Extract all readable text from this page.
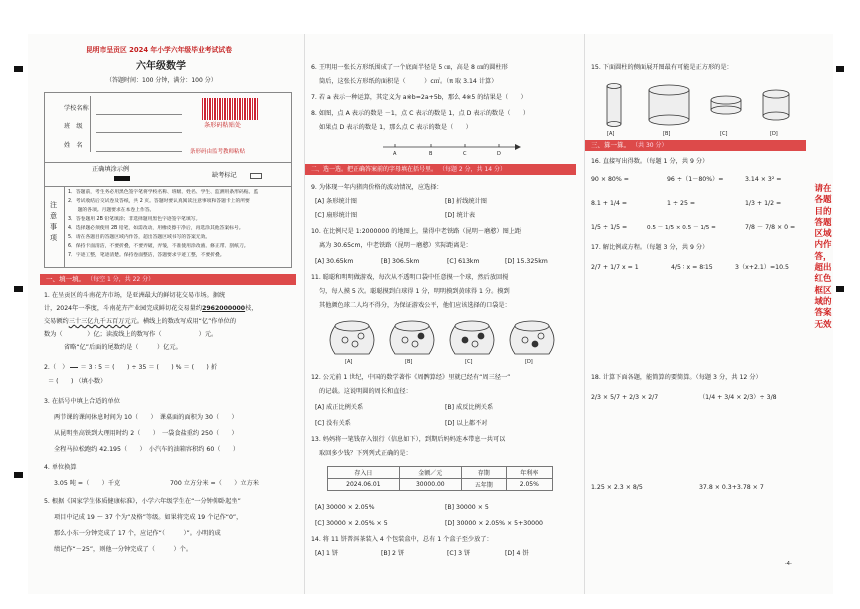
昆明市呈贡区 2024 年小学六年级毕业考试试卷
六年级数学
（答题时间：100 分钟，满分：100 分）
学校名称
班　级
姓　名
条形码粘贴处
条形码由监考教师粘贴
正确填涂示例
缺考标记
注意事项
1．答题前，考生务必用黑色签字笔将学校名称、班级、姓名、学生、监测用条形码贴。监
2．考试收结后交试卷及答纸，共 2 页。答题时要认真阅读注意事项和答题卡上的所要
　　题的各项。月题要求在本卷上作答。
3．答卷题用 2B 铅笔填涂；非选择题用黑色字迹签字笔填写。
4．选择题必须使用 2B 铅笔，如需改动，用橡皮擦干净后，再选涂其他答案标号。
5．请在各题目的答题区域内作答，超出答题区域书写的答案无效。
6．保持卡面清洁，不要折叠，不要弄破，弄皱，不准使用涂改液、修正带、刮纸刀。
7．字迹工整，笔迹清楚。保持卷面整洁，答题要求字迹工整，不要折叠。
一、填一填。 （每空 1 分，共 22 分）
1. 在呈贡区的斗南花卉市场，是亚洲最大的鲜切花交易市场。据统
计，2024年一季度，斗南花卉产业园完成鲜切花交易量约2962000000枝，
交易额约三十三亿九千五百万元元。横线上的数改写成用“亿”作单位的
数为（　　　　）亿；读波线上的数写作（　　　　　　）元。
省略“亿”后面的尾数约是（　　　）亿元。
2.（　） ＝ 3 ∶ 5 ＝ (　　) ÷ 35 ＝ (　　) % ＝ (　　) 折
＝ (　　) （填小数）
3. 在括号中填上合适的单位
两节课的课间休息时间为 10（　　）　课桌面的面积为 30（　　）
从昆明坐高铁到大理用时约 2（　　）　一袋食盐重约 250（　　）
全程马拉松跑约 42.195（　　）　小汽车的油箱容积约 60（　　）
4. 单位换算
3.05 吨 =（　　）千克	700 立方分米 =（　　）立方米
5. 根据《国家学生体质健康标准》，小学六年级学生在“一分钟仰卧起坐”
项目中记成 19 ～ 37 个为“及格”等级。如果将完成 19 个记作“0”，
那么小东一分钟完成了 17 个，应记作“（　　　）”。小明的成
绩记作“－25”，则他一分钟完成了（　　　）个。
6. 王明用一张长方形纸围成了一个底面半径是 5 ㎝，高是 8 ㎝的圆柱形
筒后，这张长方形纸的面积是（　　　）c㎡。（π 取 3.14 计算）
7. 若 a 表示一种运算，其定义为 a※b=2a+5b，那么 4※5 的结果是（　　）
8. 如图，点 A 表示的数是 －1，点 C 表示的数是 1，点 D 表示的数是（　　）
如果点 D 表示的数是 1，那么点 C 表示的数是（　　）
A	B	C	D
二、选一选。把正确答案前的字母填在括号里。 （每题 2 分，共 14 分）
9. 为体现一年内猪肉价格的波动情况，应选择：
[A] 条形统计图	[B] 折线统计图
[C] 扇形统计图	[D] 统计表
10. 在比例尺是 1:2000000 的地图上，量得中老铁路（昆明－磨憨）图上距
离为 30.65cm，中老铁路（昆明－磨憨）实际距离是：
[A] 30.65km	[B] 306.5km	[C] 613km	[D] 15.325km
11. 聪聪和明明做游戏，每次从不透明口袋中任意摸一个球，然后放回搅
匀，每人摸 5 次。聪聪摸到白球得 1 分，明明摸到黄球得 1 分。摸到
其他颜色球二人均不得分，为保证游戏公平，他们应该选择的口袋是：
[A]	[B]	[C]	[D]
12. 公元前 1 世纪，中国的数学著作《周髀算经》里就已经有“周三径一”
的记载。这说明圆的周长和直径：
[A] 成正比例关系	[B] 成反比例关系
[C] 没有关系	[D] 以上都不对
13. 妈妈将一笔钱存入银行（信息如下），到期后妈妈连本带息一共可以
取回多少钱？下列列式正确的是：
存入日	金额／元	存期	年利率
2024.06.01	30000.00	五年期	2.05%
[A] 30000 × 2.05%	[B] 30000 × 5
[C] 30000 × 2.05% × 5	[D] 30000 × 2.05% × 5+30000
14. 将 11 饼普洱茶装入 4 个包装盒中，总有 1 个盒子至少放了：
[A] 1 饼	[B] 2 饼	[C] 3 饼	[D] 4 饼
15. 下面圆柱的侧面展开图最有可能是正方形的是：
[A]	[B]	[C]	[D]
三、算一算。 （共 30 分）
16. 直接写出得数。（每题 1 分，共 9 分）
90 × 80% =	96 ÷（1－80%）=	3.14 × 3² =
8.1 + 1/4 =	1 ÷ 25 =	1/3 + 1/2 =
1/5 ÷ 1/5 =	0.5 － 1/5 × 0.5 － 1/5 =	7/8 － 7/8 × 0 =
17. 解比例或方程。（每题 3 分，共 9 分）
2/7 + 1/7 x = 1	4/5 ∶ x = 8∶15	3（x+2.1）=10.5
18. 计算下面各题，能简算的要简算。（每题 3 分，共 12 分）
2/3 × 5/7 + 2/3 × 2/7	（1/4 + 3/4 × 2/3）÷ 3/8
1.25 × 2.3 × 8/5	37.8 × 0.3+3.78 × 7
-4-
请在各题目的答题区域内作答，超出红色框区域的答案无效
